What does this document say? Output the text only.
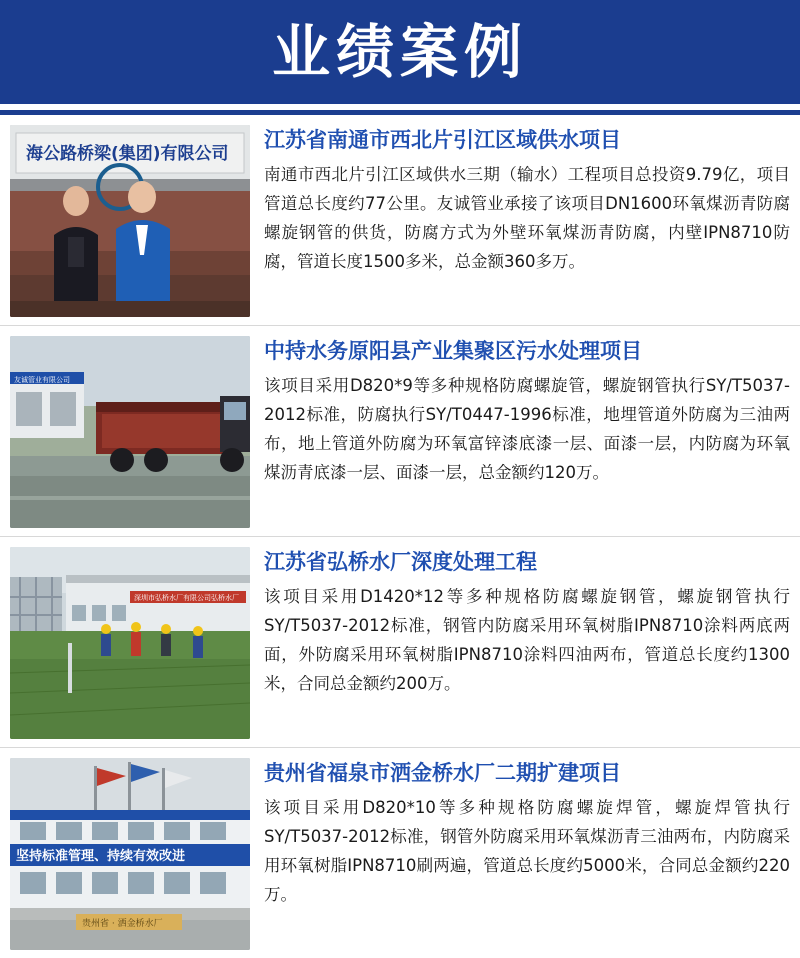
业绩案例
海公路桥梁(集团)有限公司
江苏省南通市西北片引江区域供水项目
南通市西北片引江区域供水三期（输水）工程项目总投资9.79亿，项目管道总长度约77公里。友诚管业承接了该项目DN1600环氧煤沥青防腐螺旋钢管的供货，防腐方式为外壁环氧煤沥青防腐，内壁IPN8710防腐，管道长度1500多米，总金额360多万。
友诚管业有限公司
中持水务原阳县产业集聚区污水处理项目
该项目采用D820*9等多种规格防腐螺旋管，螺旋钢管执行SY/T5037-2012标准，防腐执行SY/T0447-1996标准，地埋管道外防腐为三油两布，地上管道外防腐为环氧富锌漆底漆一层、面漆一层，内防腐为环氧煤沥青底漆一层、面漆一层，总金额约120万。
深圳市弘桥水厂有限公司弘桥水厂
江苏省弘桥水厂深度处理工程
该项目采用D1420*12等多种规格防腐螺旋钢管，螺旋钢管执行SY/T5037-2012标准，钢管内防腐采用环氧树脂IPN8710涂料两底两面，外防腐采用环氧树脂IPN8710涂料四油两布，管道总长度约1300米，合同总金额约200万。
坚持标准管理、持续有效改进
贵州省 · 洒金桥水厂
贵州省福泉市洒金桥水厂二期扩建项目
该项目采用D820*10等多种规格防腐螺旋焊管，螺旋焊管执行SY/T5037-2012标准，钢管外防腐采用环氧煤沥青三油两布，内防腐采用环氧树脂IPN8710刷两遍，管道总长度约5000米，合同总金额约220万。
